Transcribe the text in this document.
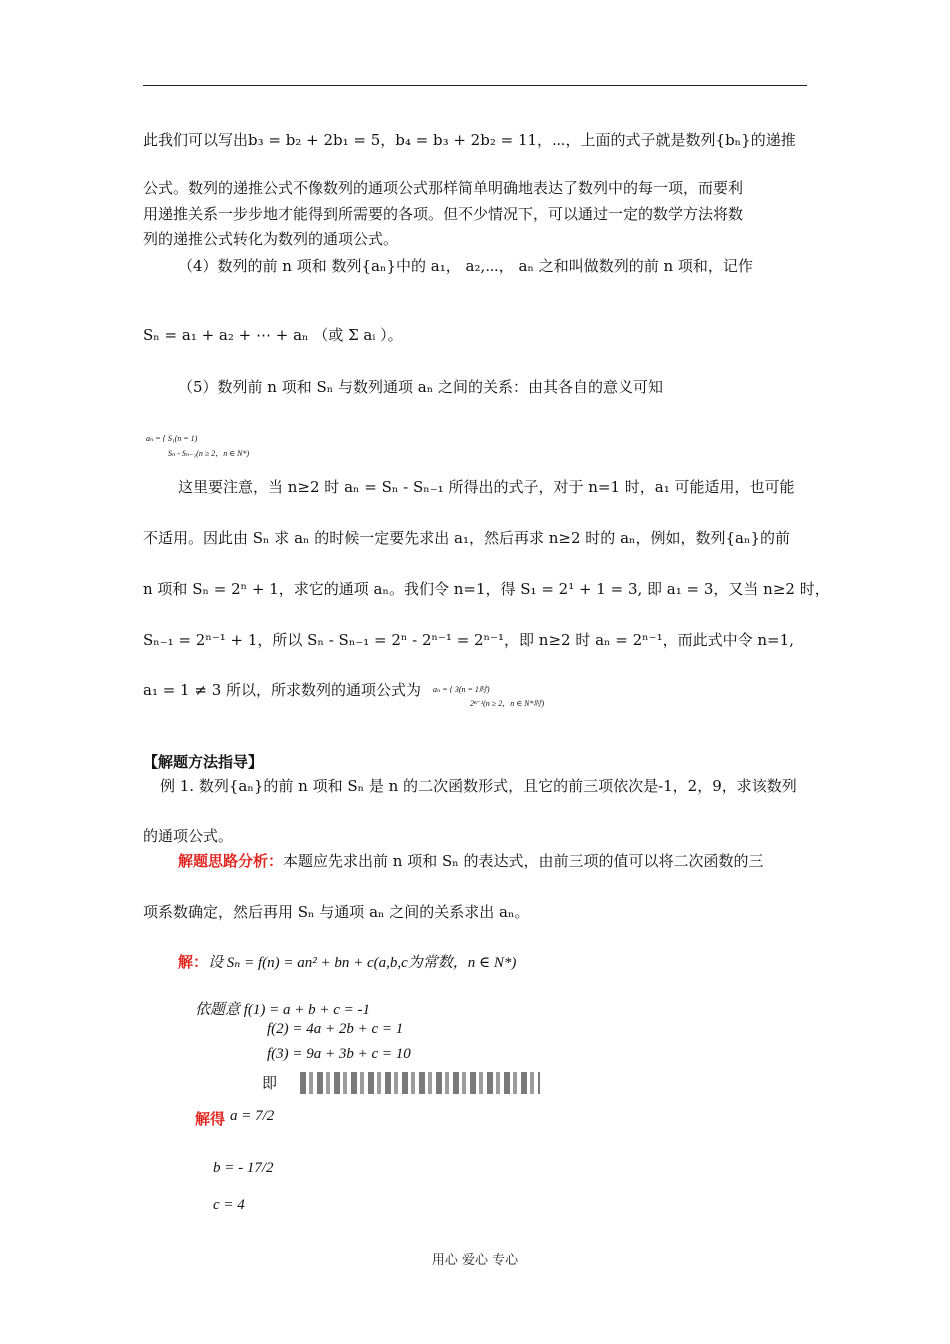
此我们可以写出b₃ = b₂ + 2b₁ = 5，b₄ = b₃ + 2b₂ = 11，⋯，上面的式子就是数列{bₙ}的递推
公式。数列的递推公式不像数列的通项公式那样简单明确地表达了数列中的每一项，而要利
用递推关系一步步地才能得到所需要的各项。但不少情况下，可以通过一定的数学方法将数
列的递推公式转化为数列的通项公式。
（4）数列的前 n 项和 数列{aₙ}中的 a₁， a₂,⋯， aₙ 之和叫做数列的前 n 项和，记作
Sₙ = a₁ + a₂ + ⋯ + aₙ （或 Σ aᵢ ）。
（5）数列前 n 项和 Sₙ 与数列通项 aₙ 之间的关系：由其各自的意义可知
aₙ = { S₁(n = 1)
Sₙ - Sₙ₋₁(n ≥ 2，n ∈ N*)
这里要注意，当 n≥2 时 aₙ = Sₙ - Sₙ₋₁ 所得出的式子，对于 n=1 时，a₁ 可能适用，也可能
不适用。因此由 Sₙ 求 aₙ 的时候一定要先求出 a₁，然后再求 n≥2 时的 aₙ，例如，数列{aₙ}的前
n 项和 Sₙ = 2ⁿ + 1，求它的通项 aₙ。我们令 n=1，得 S₁ = 2¹ + 1 = 3, 即 a₁ = 3，又当 n≥2 时，
Sₙ₋₁ = 2ⁿ⁻¹ + 1，所以 Sₙ - Sₙ₋₁ = 2ⁿ - 2ⁿ⁻¹ = 2ⁿ⁻¹，即 n≥2 时 aₙ = 2ⁿ⁻¹，而此式中令 n=1,
a₁ = 1 ≠ 3 所以，所求数列的通项公式为	aₙ = { 3(n = 1时)
2ⁿ⁻¹(n ≥ 2，n ∈ N*时)
【解题方法指导】
例 1. 数列{aₙ}的前 n 项和 Sₙ 是 n 的二次函数形式，且它的前三项依次是-1，2，9，求该数列
的通项公式。
解题思路分析：本题应先求出前 n 项和 Sₙ 的表达式，由前三项的值可以将二次函数的三
项系数确定，然后再用 Sₙ 与通项 aₙ 之间的关系求出 aₙ。
解：设 Sₙ = f(n) = an² + bn + c(a,b,c为常数，n ∈ N*)
依题意 f(1) = a + b + c = -1
f(2) = 4a + 2b + c = 1
f(3) = 9a + 3b + c = 10
即
解得 a = 7/2
b = - 17/2
c = 4
用心 爱心 专心
